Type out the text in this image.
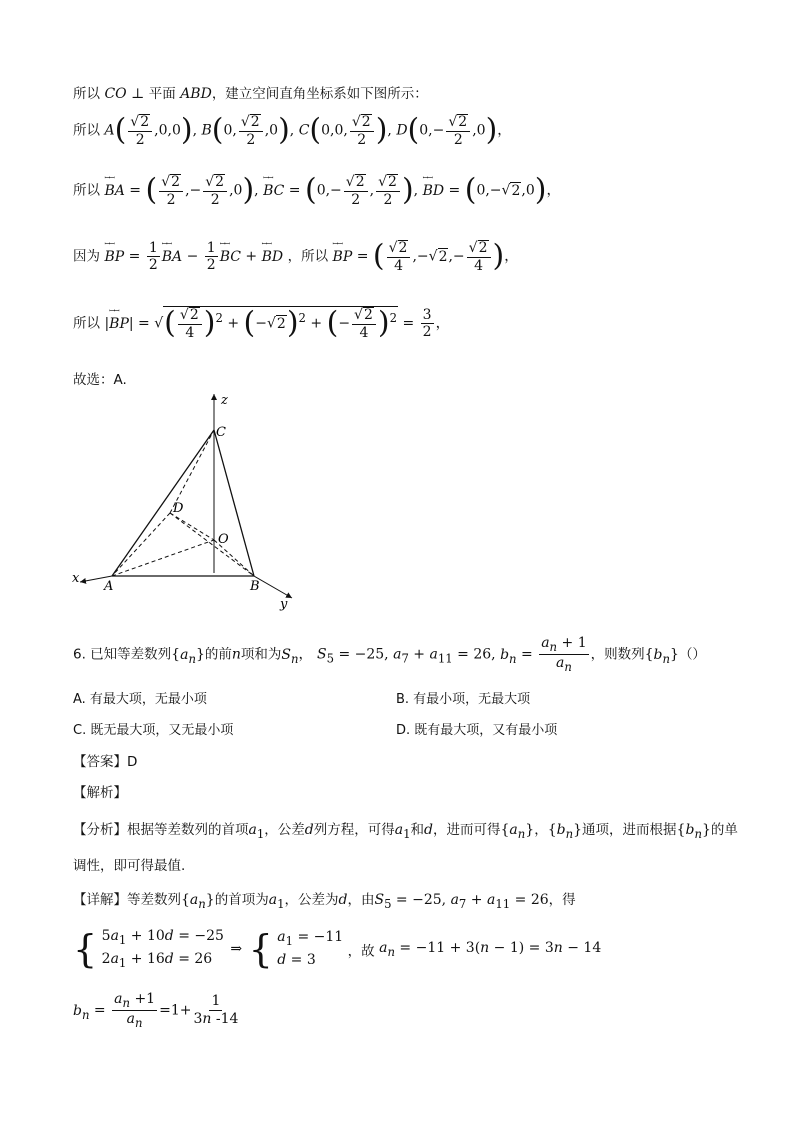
所以 CO ⊥ 平面 ABD，建立空间直角坐标系如下图所示：
所以 $A( \frac{√2}{2} ,0,0)$, B(0, $\frac{√2}{2} ,0$), C(0,0, $\frac{√2}{2}$ ), $D(0,- \frac{√2}{2} ,0)$，
所以
ꟷꟷ
BA = ( $\frac{√2}{2}$ ,− $\frac{√2}{2} ,0$),
ꟷꟷ
BC = ($0,- \frac{√2}{2}$ , $\frac{√2}{2}$ ),
ꟷꟷ
BD = (0,−√2,0)，
因为
ꟷꟷ
BP = $\frac{1}{2}$ ꟷꟷ
BA − $\frac{1}{2}$ ꟷꟷ
BC +
ꟷꟷ
BD ，所以
ꟷꟷ
BP = ( $\frac{√2}{4} ,-√2,- \frac{√2}{4}$ )，
所以 |
ꟷꟷ
BP| = √( $\frac{√2}{4} )^2 + (-√2)^2$ + (− $\frac{√2}{4} )^2 = \frac{3}{2}$ ，
故选：A.
z
C
D
O
x
A	B
y
6. 已知等差数列$\{a_n\}$的前n项和为$S_n$， $S_5 = -25$, $a_7 + a_{11} = 26$, $b_n = \frac{a_n + 1}{a_n}$ ，则数列$\{b_n\}()$
A. 有最大项，无最小项	B. 有最小项，无最大项
C. 既无最大项，又无最小项	D. 既有最大项，又有最小项
【答案】D
【解析】
【分析】根据等差数列的首项$a_1$，公差d列方程，可得$a_1$和d，进而可得$\{a_n\}$，$\{b_n\}$通项，进而根据$\{b_n\}$的单
调性，即可得最值.
【详解】等差数列$\{a_n\}$的首项为$a_1$，公差为d，由$S_5 = -25$, $a_7 + a_{11} = 26$，得
{ $5a_1 + 10d = -25$
$2a_1 + 16d = 26$
⇒ { $a_1 = -11$
d = 3
，故 $a_n = -11 + 3(n - 1) = 3n - 14$
$b_n = \frac{a_n +1}{a_n} =1+ \frac{1}{3n -14}$
